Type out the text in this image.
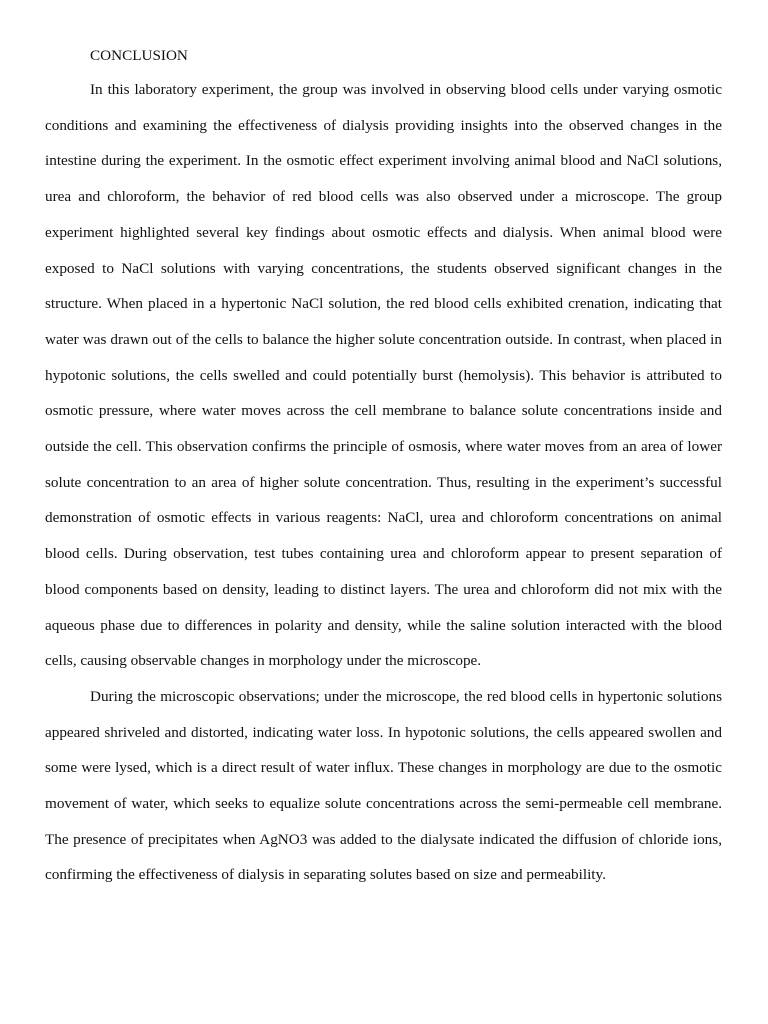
CONCLUSION

In this laboratory experiment, the group was involved in observing blood cells under varying osmotic conditions and examining the effectiveness of dialysis providing insights into the observed changes in the intestine during the experiment. In the osmotic effect experiment involving animal blood and NaCl solutions, urea and chloroform, the behavior of red blood cells was also observed under a microscope. The group experiment highlighted several key findings about osmotic effects and dialysis. When animal blood were exposed to NaCl solutions with varying concentrations, the students observed significant changes in the structure. When placed in a hypertonic NaCl solution, the red blood cells exhibited crenation, indicating that water was drawn out of the cells to balance the higher solute concentration outside. In contrast, when placed in hypotonic solutions, the cells swelled and could potentially burst (hemolysis). This behavior is attributed to osmotic pressure, where water moves across the cell membrane to balance solute concentrations inside and outside the cell. This observation confirms the principle of osmosis, where water moves from an area of lower solute concentration to an area of higher solute concentration. Thus, resulting in the experiment’s successful demonstration of osmotic effects in various reagents: NaCl, urea and chloroform concentrations on animal blood cells. During observation, test tubes containing urea and chloroform appear to present separation of blood components based on density, leading to distinct layers. The urea and chloroform did not mix with the aqueous phase due to differences in polarity and density, while the saline solution interacted with the blood cells, causing observable changes in morphology under the microscope.

During the microscopic observations; under the microscope, the red blood cells in hypertonic solutions appeared shriveled and distorted, indicating water loss. In hypotonic solutions, the cells appeared swollen and some were lysed, which is a direct result of water influx. These changes in morphology are due to the osmotic movement of water, which seeks to equalize solute concentrations across the semi-permeable cell membrane. The presence of precipitates when AgNO3 was added to the dialysate indicated the diffusion of chloride ions, confirming the effectiveness of dialysis in separating solutes based on size and permeability.
